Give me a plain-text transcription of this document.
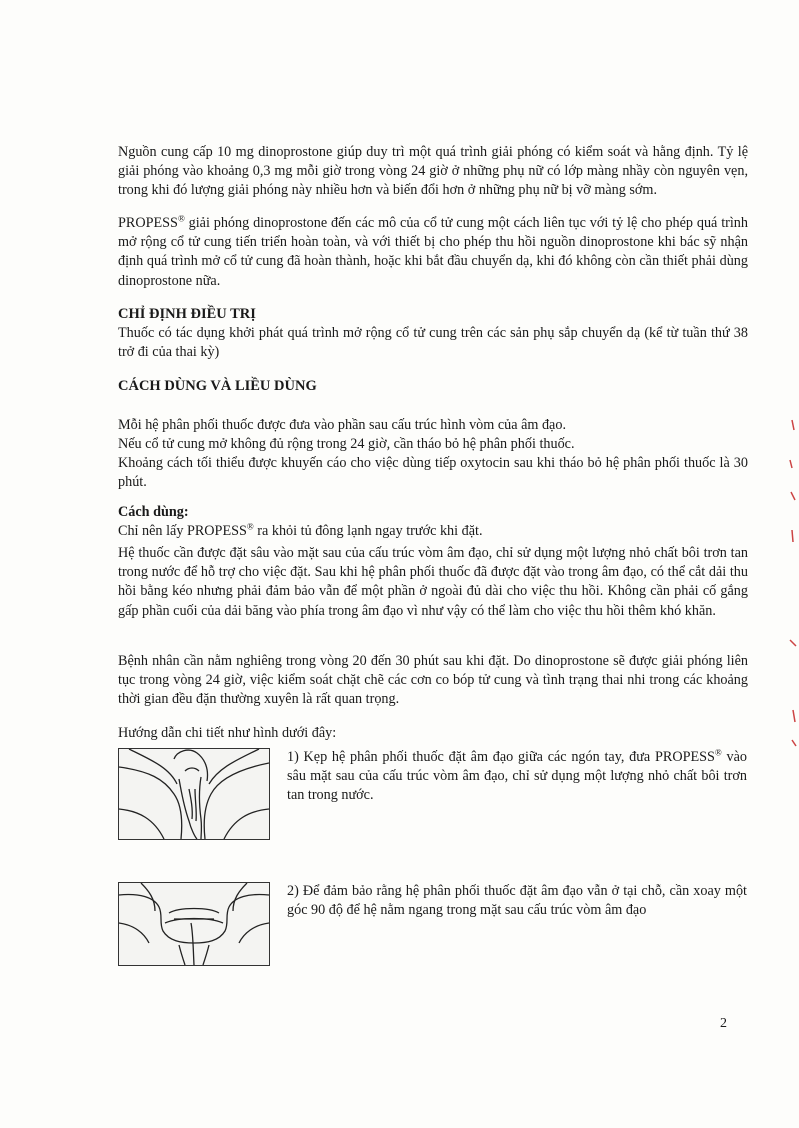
Nguồn cung cấp 10 mg dinoprostone giúp duy trì một quá trình giải phóng có kiểm soát và hằng định. Tỷ lệ giải phóng vào khoảng 0,3 mg mỗi giờ trong vòng 24 giờ ở những phụ nữ có lớp màng nhầy còn nguyên vẹn, trong khi đó lượng giải phóng này nhiều hơn và biến đổi hơn ở những phụ nữ bị vỡ màng sớm.

PROPESS® giải phóng dinoprostone đến các mô của cổ tử cung một cách liên tục với tỷ lệ cho phép quá trình mở rộng cổ tử cung tiến triển hoàn toàn, và với thiết bị cho phép thu hồi nguồn dinoprostone khi bác sỹ nhận định quá trình mở cổ tử cung đã hoàn thành, hoặc khi bắt đầu chuyển dạ, khi đó không còn cần thiết phải dùng dinoprostone nữa.

CHỈ ĐỊNH ĐIỀU TRỊ

Thuốc có tác dụng khởi phát quá trình mở rộng cổ tử cung trên các sản phụ sắp chuyển dạ (kể từ tuần thứ 38 trở đi của thai kỳ)

CÁCH DÙNG VÀ LIỀU DÙNG

Mỗi hệ phân phối thuốc được đưa vào phần sau cấu trúc hình vòm của âm đạo.

Nếu cổ tử cung mở không đủ rộng trong 24 giờ, cần tháo bỏ hệ phân phối thuốc.

Khoảng cách tối thiểu được khuyến cáo cho việc dùng tiếp oxytocin sau khi tháo bỏ hệ phân phối thuốc là 30 phút.

Cách dùng:

Chỉ nên lấy PROPESS® ra khỏi tủ đông lạnh ngay trước khi đặt.

Hệ thuốc cần được đặt sâu vào mặt sau của cấu trúc vòm âm đạo, chỉ sử dụng một lượng nhỏ chất bôi trơn tan trong nước để hỗ trợ cho việc đặt. Sau khi hệ phân phối thuốc đã được đặt vào trong âm đạo, có thể cắt dải thu hồi bằng kéo nhưng phải đảm bảo vẫn để một phần ở ngoài đủ dài cho việc thu hồi. Không cần phải cố gắng gấp phần cuối của dải băng vào phía trong âm đạo vì như vậy có thể làm cho việc thu hồi thêm khó khăn.

Bệnh nhân cần nằm nghiêng trong vòng 20 đến 30 phút sau khi đặt. Do dinoprostone sẽ được giải phóng liên tục trong vòng 24 giờ, việc kiểm soát chặt chẽ các cơn co bóp tử cung và tình trạng thai nhi trong các khoảng thời gian đều đặn thường xuyên là rất quan trọng.

Hướng dẫn chi tiết như hình dưới đây:

1) Kẹp hệ phân phối thuốc đặt âm đạo giữa các ngón tay, đưa PROPESS® vào sâu mặt sau của cấu trúc vòm âm đạo, chỉ sử dụng một lượng nhỏ chất bôi trơn tan trong nước.

2) Để đảm bảo rằng hệ phân phối thuốc đặt âm đạo vẫn ở tại chỗ, cần xoay một góc 90 độ để hệ nằm ngang trong mặt sau cấu trúc vòm âm đạo

2
